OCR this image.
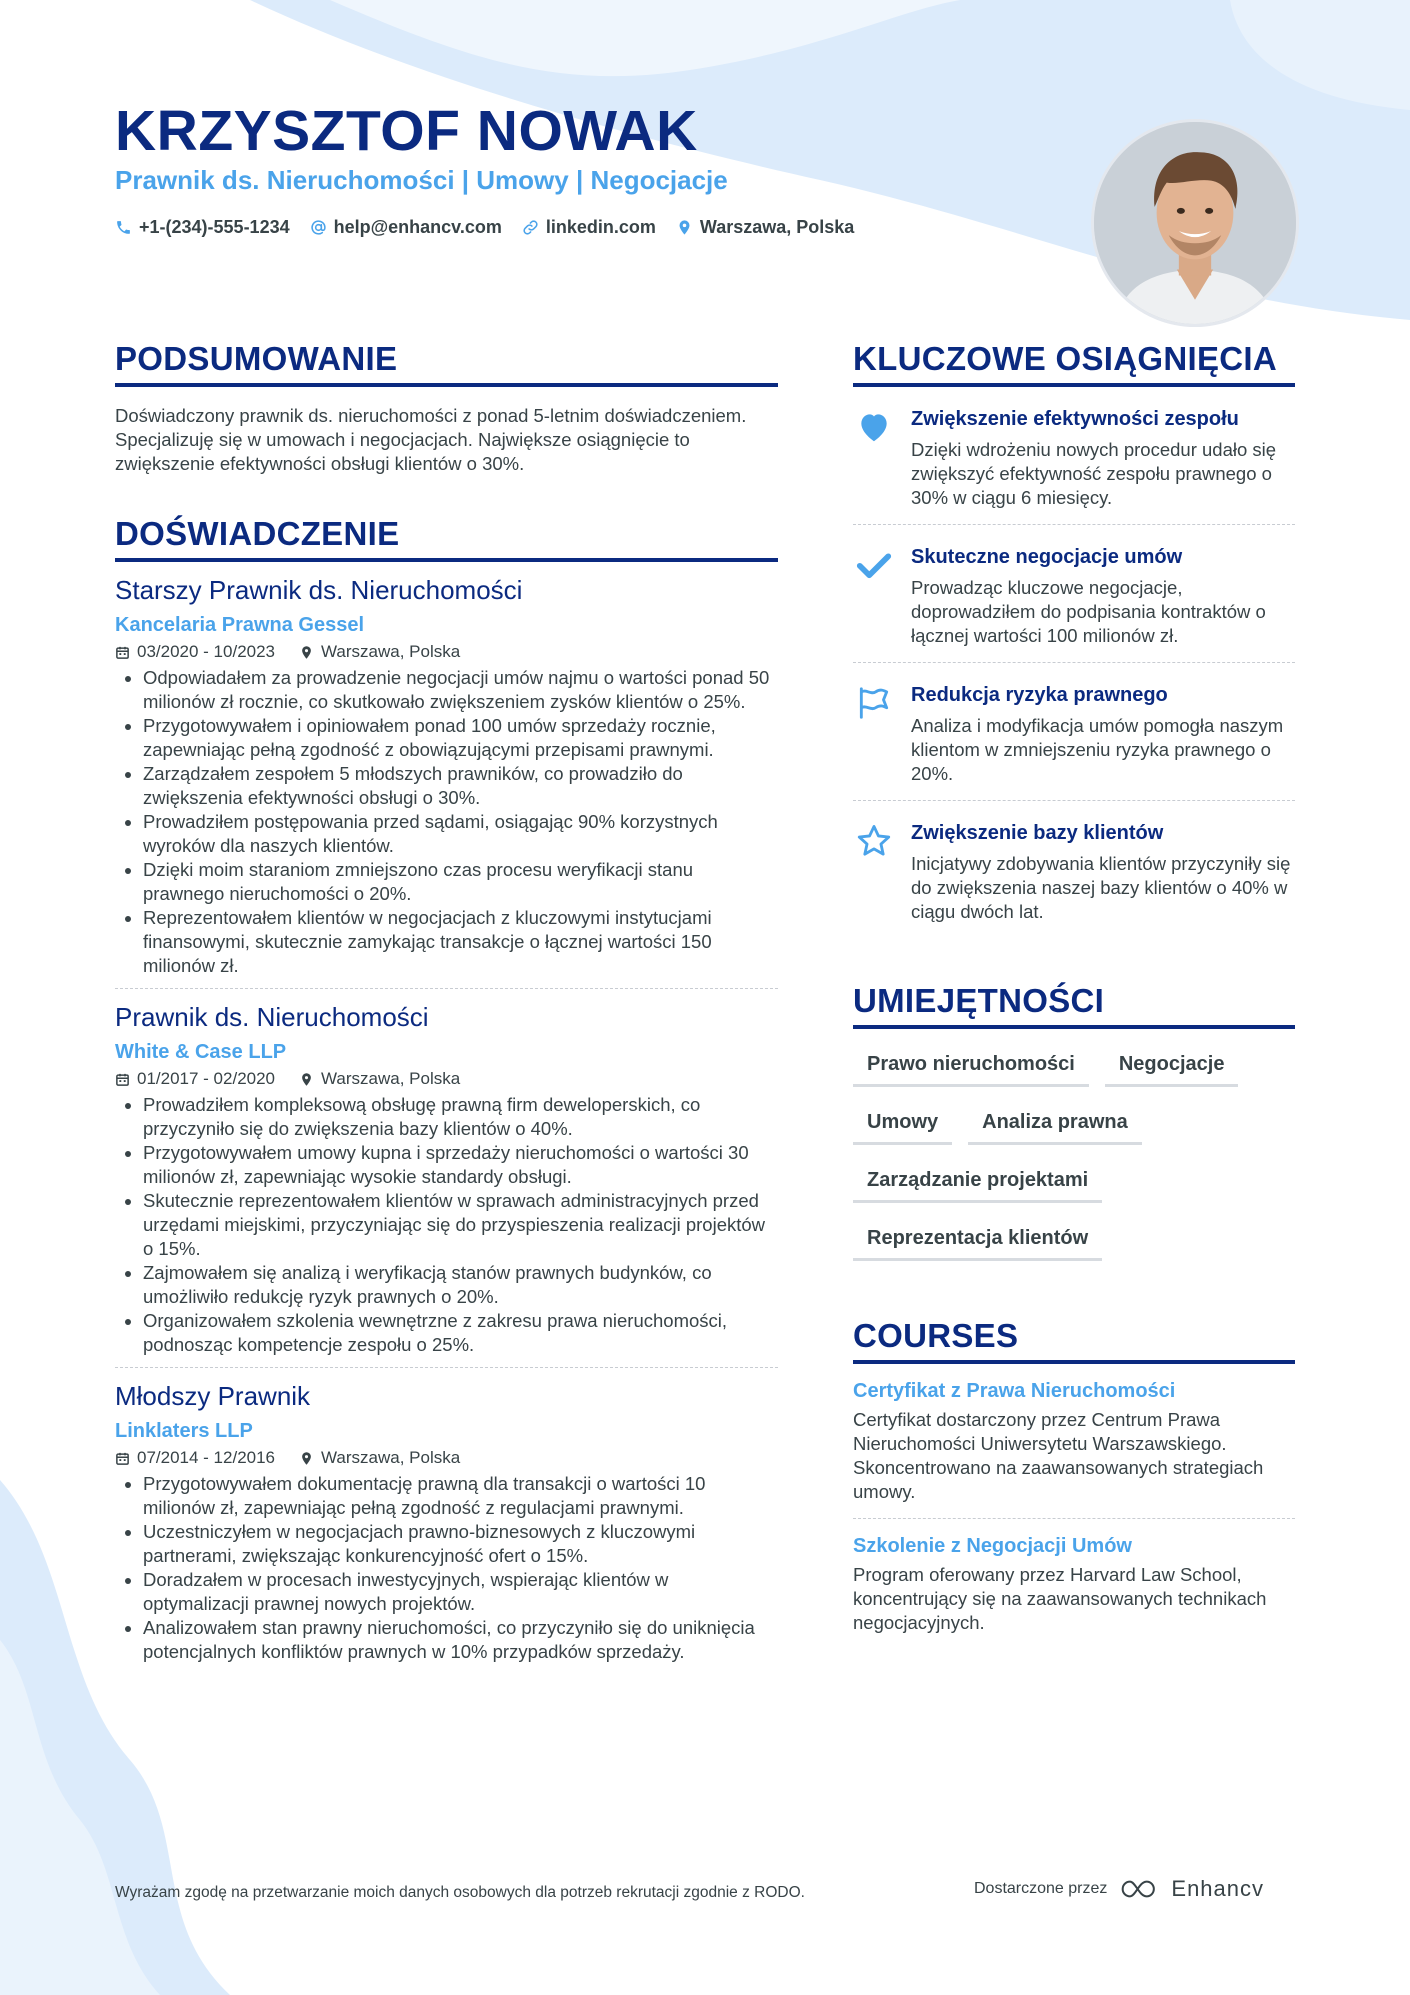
KRZYSZTOF NOWAK
Prawnik ds. Nieruchomości | Umowy | Negocjacje
+1-(234)-555-1234 help@enhancv.com linkedin.com Warszawa, Polska
PODSUMOWANIE

Doświadczony prawnik ds. nieruchomości z ponad 5-letnim doświadczeniem. Specjalizuję się w umowach i negocjacjach. Największe osiągnięcie to zwiększenie efektywności obsługi klientów o 30%.

DOŚWIADCZENIE
Starszy Prawnik ds. Nieruchomości
Kancelaria Prawna Gessel
03/2020 - 10/2023	Warszawa, Polska
• Odpowiadałem za prowadzenie negocjacji umów najmu o wartości ponad 50 milionów zł rocznie, co skutkowało zwiększeniem zysków klientów o 25%.
• Przygotowywałem i opiniowałem ponad 100 umów sprzedaży rocznie, zapewniając pełną zgodność z obowiązującymi przepisami prawnymi.
• Zarządzałem zespołem 5 młodszych prawników, co prowadziło do zwiększenia efektywności obsługi o 30%.
• Prowadziłem postępowania przed sądami, osiągając 90% korzystnych wyroków dla naszych klientów.
• Dzięki moim staraniom zmniejszono czas procesu weryfikacji stanu prawnego nieruchomości o 20%.
• Reprezentowałem klientów w negocjacjach z kluczowymi instytucjami finansowymi, skutecznie zamykając transakcje o łącznej wartości 150 milionów zł.
Prawnik ds. Nieruchomości
White & Case LLP
01/2017 - 02/2020	Warszawa, Polska
• Prowadziłem kompleksową obsługę prawną firm deweloperskich, co przyczyniło się do zwiększenia bazy klientów o 40%.
• Przygotowywałem umowy kupna i sprzedaży nieruchomości o wartości 30 milionów zł, zapewniając wysokie standardy obsługi.
• Skutecznie reprezentowałem klientów w sprawach administracyjnych przed urzędami miejskimi, przyczyniając się do przyspieszenia realizacji projektów o 15%.
• Zajmowałem się analizą i weryfikacją stanów prawnych budynków, co umożliwiło redukcję ryzyk prawnych o 20%.
• Organizowałem szkolenia wewnętrzne z zakresu prawa nieruchomości, podnosząc kompetencje zespołu o 25%.
Młodszy Prawnik
Linklaters LLP
07/2014 - 12/2016	Warszawa, Polska
• Przygotowywałem dokumentację prawną dla transakcji o wartości 10 milionów zł, zapewniając pełną zgodność z regulacjami prawnymi.
• Uczestniczyłem w negocjacjach prawno-biznesowych z kluczowymi partnerami, zwiększając konkurencyjność ofert o 15%.
• Doradzałem w procesach inwestycyjnych, wspierając klientów w optymalizacji prawnej nowych projektów.
• Analizowałem stan prawny nieruchomości, co przyczyniło się do uniknięcia potencjalnych konfliktów prawnych w 10% przypadków sprzedaży.
KLUCZOWE OSIĄGNIĘCIA
Zwiększenie efektywności zespołu
Dzięki wdrożeniu nowych procedur udało się zwiększyć efektywność zespołu prawnego o 30% w ciągu 6 miesięcy.
Skuteczne negocjacje umów
Prowadząc kluczowe negocjacje, doprowadziłem do podpisania kontraktów o łącznej wartości 100 milionów zł.
Redukcja ryzyka prawnego
Analiza i modyfikacja umów pomogła naszym klientom w zmniejszeniu ryzyka prawnego o 20%.
Zwiększenie bazy klientów
Inicjatywy zdobywania klientów przyczyniły się do zwiększenia naszej bazy klientów o 40% w ciągu dwóch lat.
UMIEJĘTNOŚCI
Prawo nieruchomości	Negocjacje
Umowy	Analiza prawna
Zarządzanie projektami
Reprezentacja klientów
COURSES
Certyfikat z Prawa Nieruchomości
Certyfikat dostarczony przez Centrum Prawa Nieruchomości Uniwersytetu Warszawskiego. Skoncentrowano na zaawansowanych strategiach umowy.
Szkolenie z Negocjacji Umów
Program oferowany przez Harvard Law School, koncentrujący się na zaawansowanych technikach negocjacyjnych.
Wyrażam zgodę na przetwarzanie moich danych osobowych dla potrzeb rekrutacji zgodnie z RODO.	Dostarczone przez	Enhancv
